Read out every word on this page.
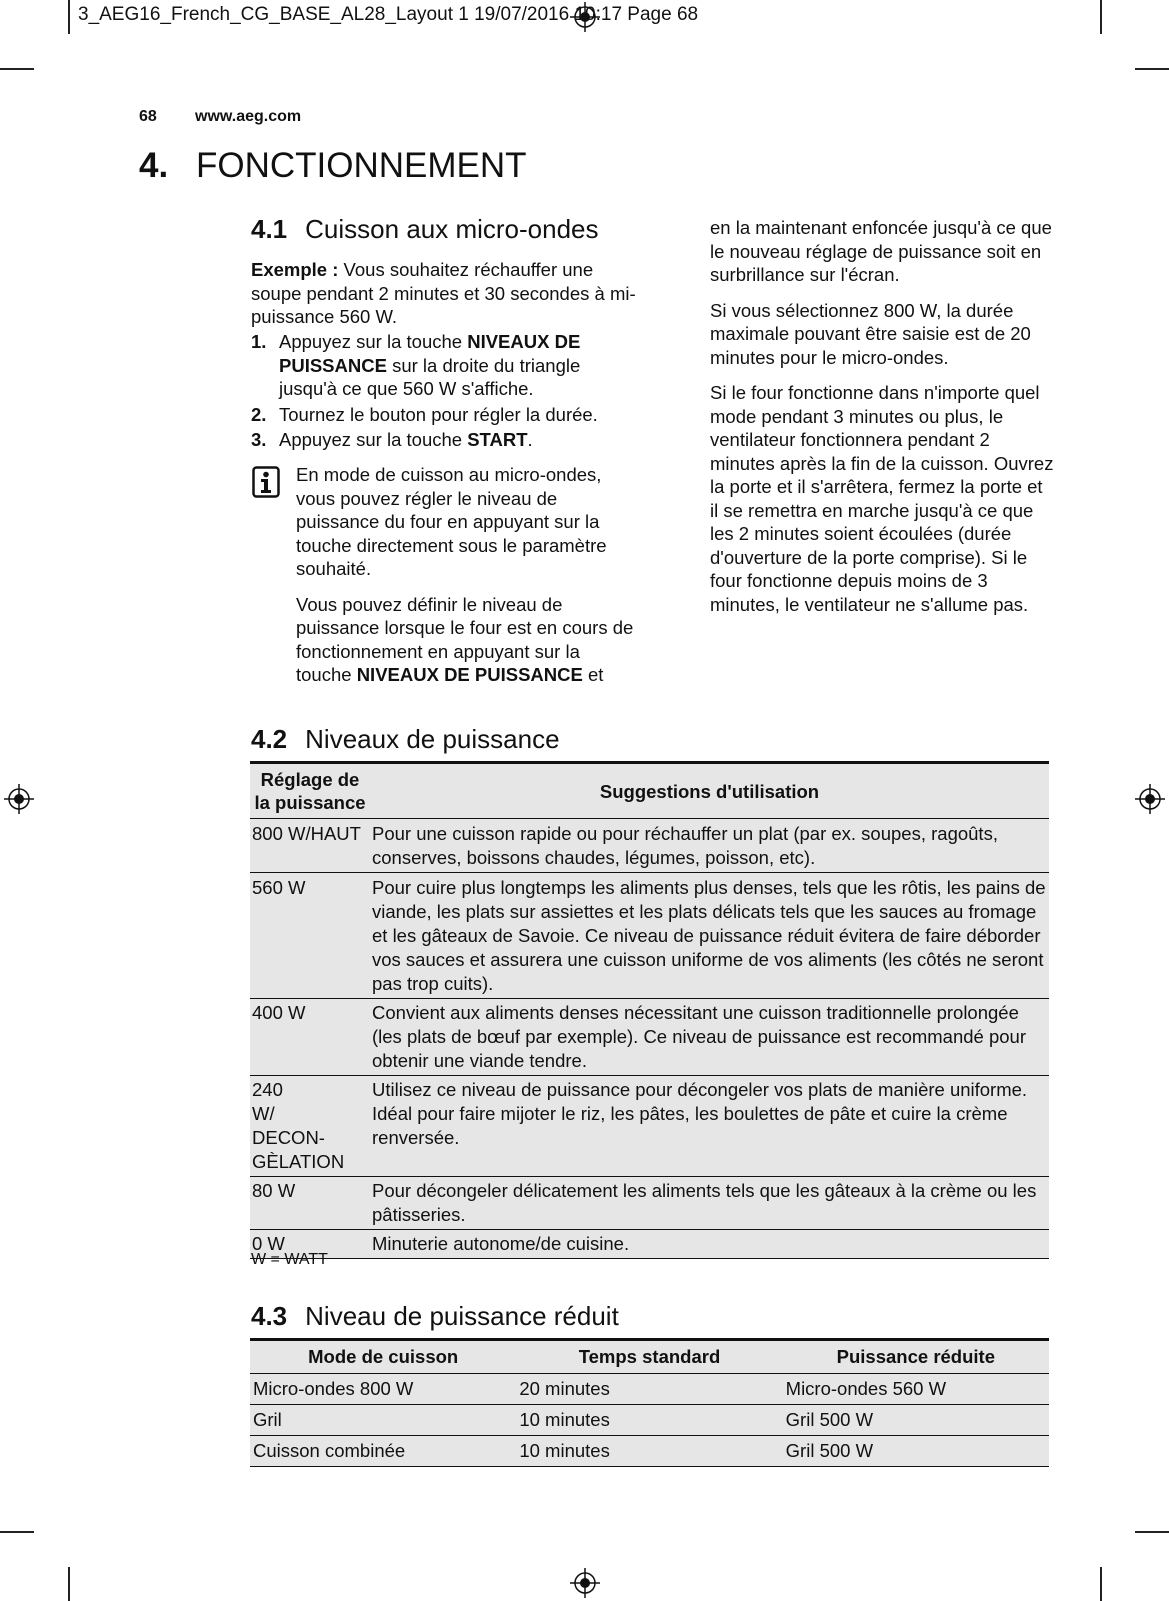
3_AEG16_French_CG_BASE_AL28_Layout 1 19/07/2016 10:17 Page 68
68 www.aeg.com
4. FONCTIONNEMENT
4.1 Cuisson aux micro-ondes

Exemple : Vous souhaitez réchauffer une soupe pendant 2 minutes et 30 secondes à mi-puissance 560 W.

1. Appuyez sur la touche NIVEAUX DE PUISSANCE sur la droite du triangle jusqu'à ce que 560 W s'affiche.
2. Tournez le bouton pour régler la durée.
3. Appuyez sur la touche START.

En mode de cuisson au micro-ondes, vous pouvez régler le niveau de puissance du four en appuyant sur la touche directement sous le paramètre souhaité.

Vous pouvez définir le niveau de puissance lorsque le four est en cours de fonctionnement en appuyant sur la touche NIVEAUX DE PUISSANCE et

en la maintenant enfoncée jusqu'à ce que le nouveau réglage de puissance soit en surbrillance sur l'écran.

Si vous sélectionnez 800 W, la durée maximale pouvant être saisie est de 20 minutes pour le micro-ondes.

Si le four fonctionne dans n'importe quel mode pendant 3 minutes ou plus, le ventilateur fonctionnera pendant 2 minutes après la fin de la cuisson. Ouvrez la porte et il s'arrêtera, fermez la porte et il se remettra en marche jusqu'à ce que les 2 minutes soient écoulées (durée d'ouverture de la porte comprise). Si le four fonctionne depuis moins de 3 minutes, le ventilateur ne s'allume pas.

4.2 Niveaux de puissance
Réglage de la puissance	Suggestions d'utilisation
800 W/HAUT	Pour une cuisson rapide ou pour réchauffer un plat (par ex. soupes, ragoûts, conserves, boissons chaudes, légumes, poisson, etc).
560 W	Pour cuire plus longtemps les aliments plus denses, tels que les rôtis, les pains de viande, les plats sur assiettes et les plats délicats tels que les sauces au fromage et les gâteaux de Savoie. Ce niveau de puissance réduit évitera de faire déborder vos sauces et assurera une cuisson uniforme de vos aliments (les côtés ne seront pas trop cuits).
400 W	Convient aux aliments denses nécessitant une cuisson traditionnelle prolongée (les plats de bœuf par exemple). Ce niveau de puissance est recommandé pour obtenir une viande tendre.
240 W/ DECON- GÈLATION	Utilisez ce niveau de puissance pour décongeler vos plats de manière uniforme. Idéal pour faire mijoter le riz, les pâtes, les boulettes de pâte et cuire la crème renversée.
80 W	Pour décongeler délicatement les aliments tels que les gâteaux à la crème ou les pâtisseries.
0 W	Minuterie autonome/de cuisine.
W = WATT
4.3 Niveau de puissance réduit
Mode de cuisson	Temps standard	Puissance réduite
Micro-ondes 800 W	20 minutes	Micro-ondes 560 W
Gril	10 minutes	Gril 500 W
Cuisson combinée	10 minutes	Gril 500 W
